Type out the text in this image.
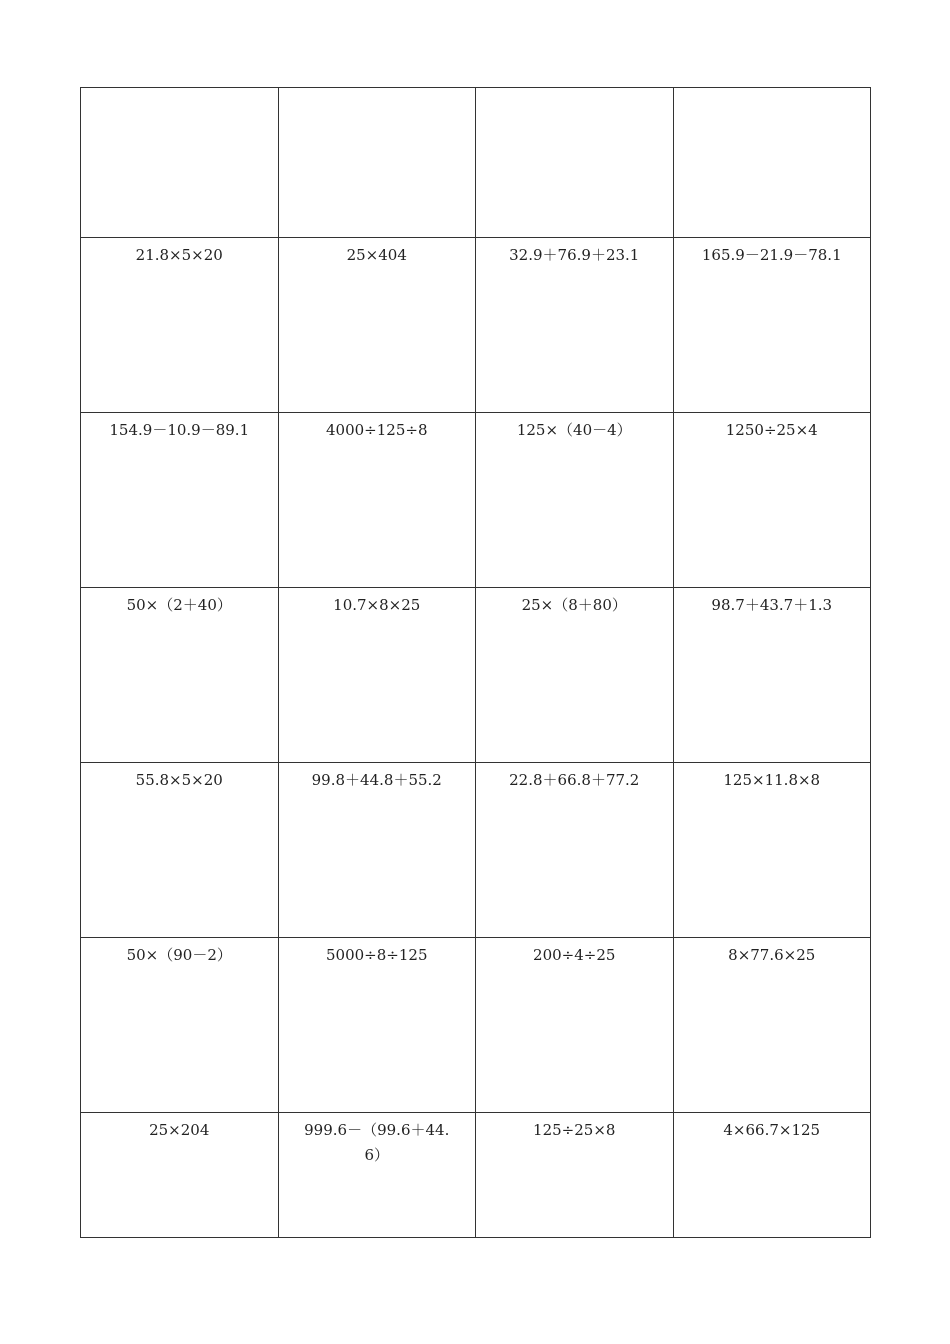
21.8×5×20	25×404	32.9＋76.9＋23.1	165.9－21.9－78.1
154.9－10.9－89.1	4000÷125÷8	125×（40－4）	1250÷25×4
50×（2＋40）	10.7×8×25	25×（8＋80）	98.7＋43.7＋1.3
55.8×5×20	99.8＋44.8＋55.2	22.8＋66.8＋77.2	125×11.8×8
50×（90－2）	5000÷8÷125	200÷4÷25	8×77.6×25
25×204	999.6－（99.6＋44.6）	125÷25×8	4×66.7×125
